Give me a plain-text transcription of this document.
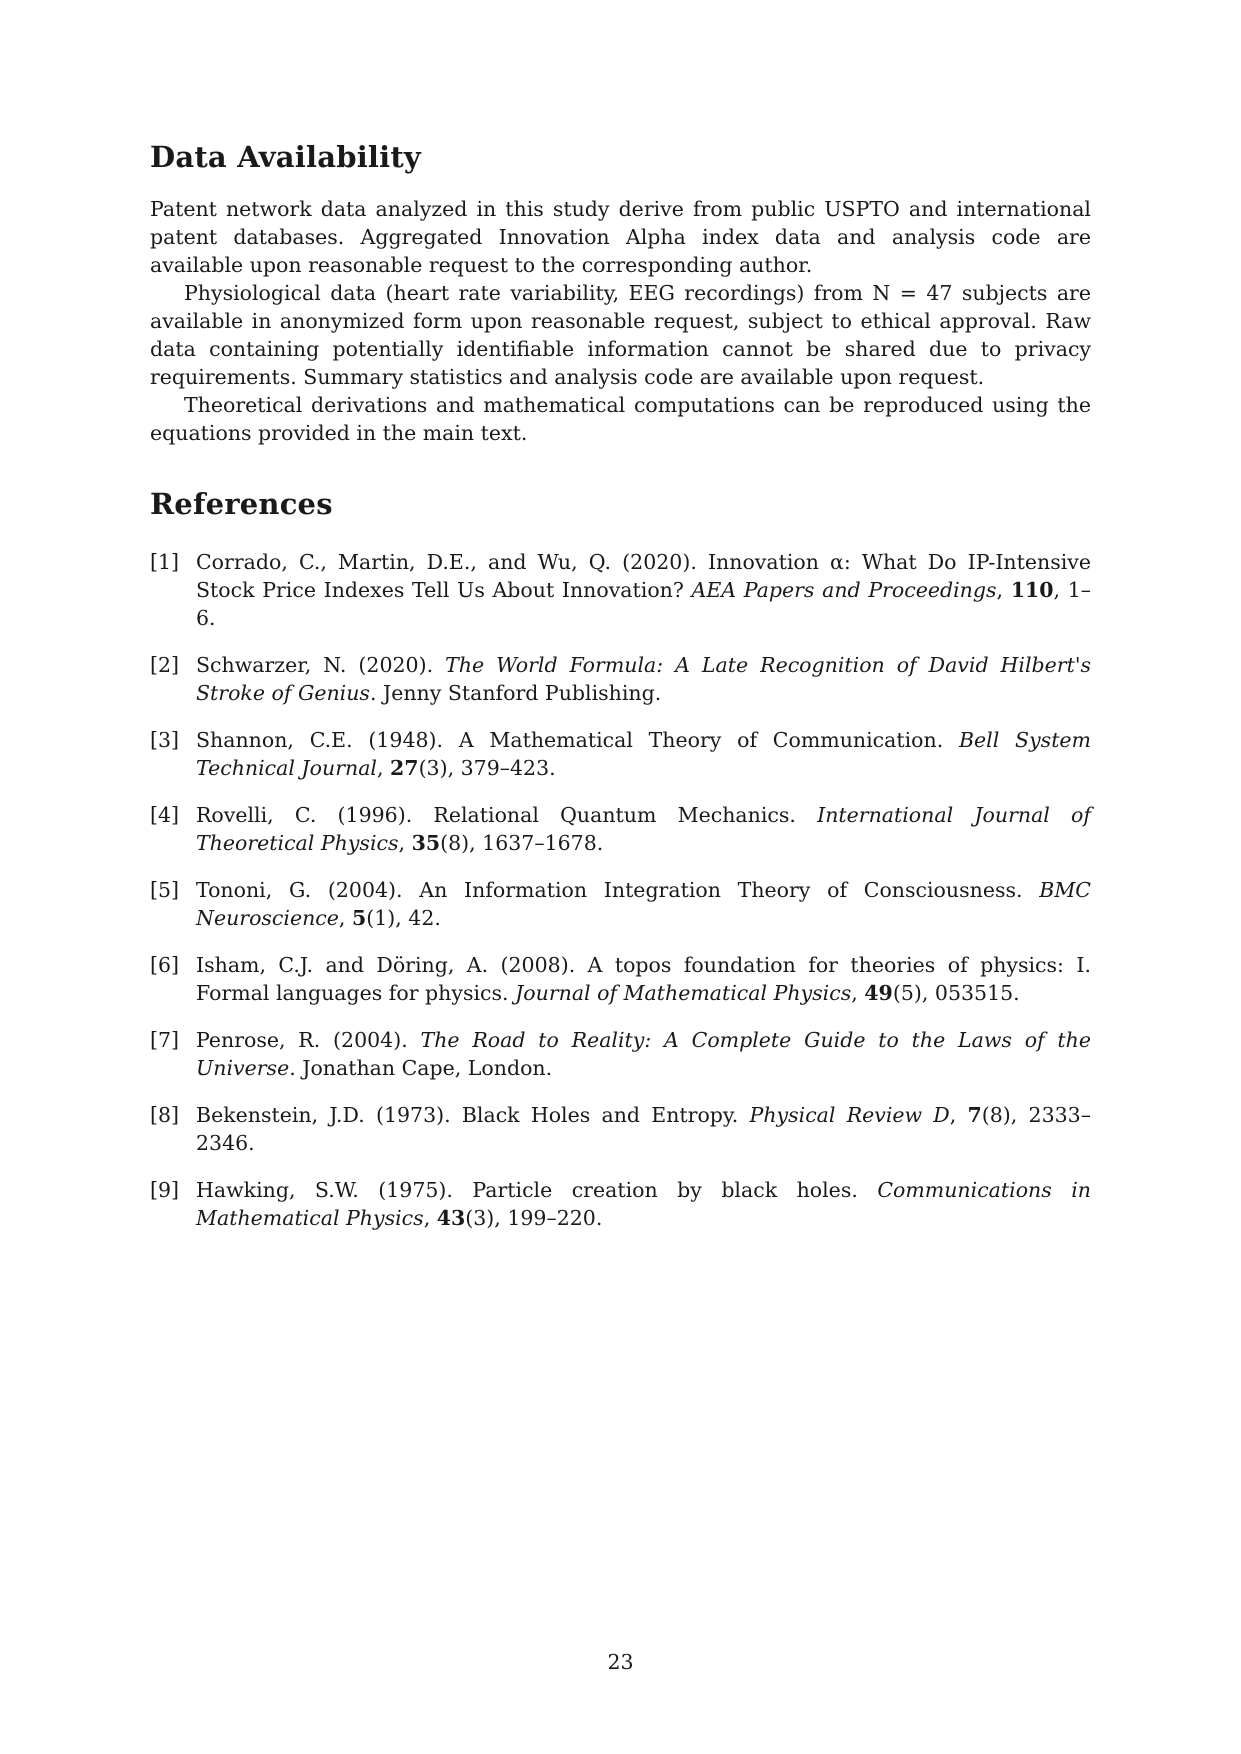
Data Availability

Patent network data analyzed in this study derive from public USPTO and international patent databases. Aggregated Innovation Alpha index data and analysis code are available upon reasonable request to the corresponding author.

Physiological data (heart rate variability, EEG recordings) from N = 47 subjects are available in anonymized form upon reasonable request, subject to ethical approval. Raw data containing potentially identifiable information cannot be shared due to privacy requirements. Summary statistics and analysis code are available upon request.

Theoretical derivations and mathematical computations can be reproduced using the equations provided in the main text.

References
[1] Corrado, C., Martin, D.E., and Wu, Q. (2020). Innovation α: What Do IP-Intensive Stock Price Indexes Tell Us About Innovation? AEA Papers and Proceedings, 110, 1–6.
[2] Schwarzer, N. (2020). The World Formula: A Late Recognition of David Hilbert's Stroke of Genius. Jenny Stanford Publishing.
[3] Shannon, C.E. (1948). A Mathematical Theory of Communication. Bell System Technical Journal, 27(3), 379–423.
[4] Rovelli, C. (1996). Relational Quantum Mechanics. International Journal of Theoretical Physics, 35(8), 1637–1678.
[5] Tononi, G. (2004). An Information Integration Theory of Consciousness. BMC Neuroscience, 5(1), 42.
[6] Isham, C.J. and Döring, A. (2008). A topos foundation for theories of physics: I. Formal languages for physics. Journal of Mathematical Physics, 49(5), 053515.
[7] Penrose, R. (2004). The Road to Reality: A Complete Guide to the Laws of the Universe. Jonathan Cape, London.
[8] Bekenstein, J.D. (1973). Black Holes and Entropy. Physical Review D, 7(8), 2333–2346.
[9] Hawking, S.W. (1975). Particle creation by black holes. Communications in Mathematical Physics, 43(3), 199–220.
23
